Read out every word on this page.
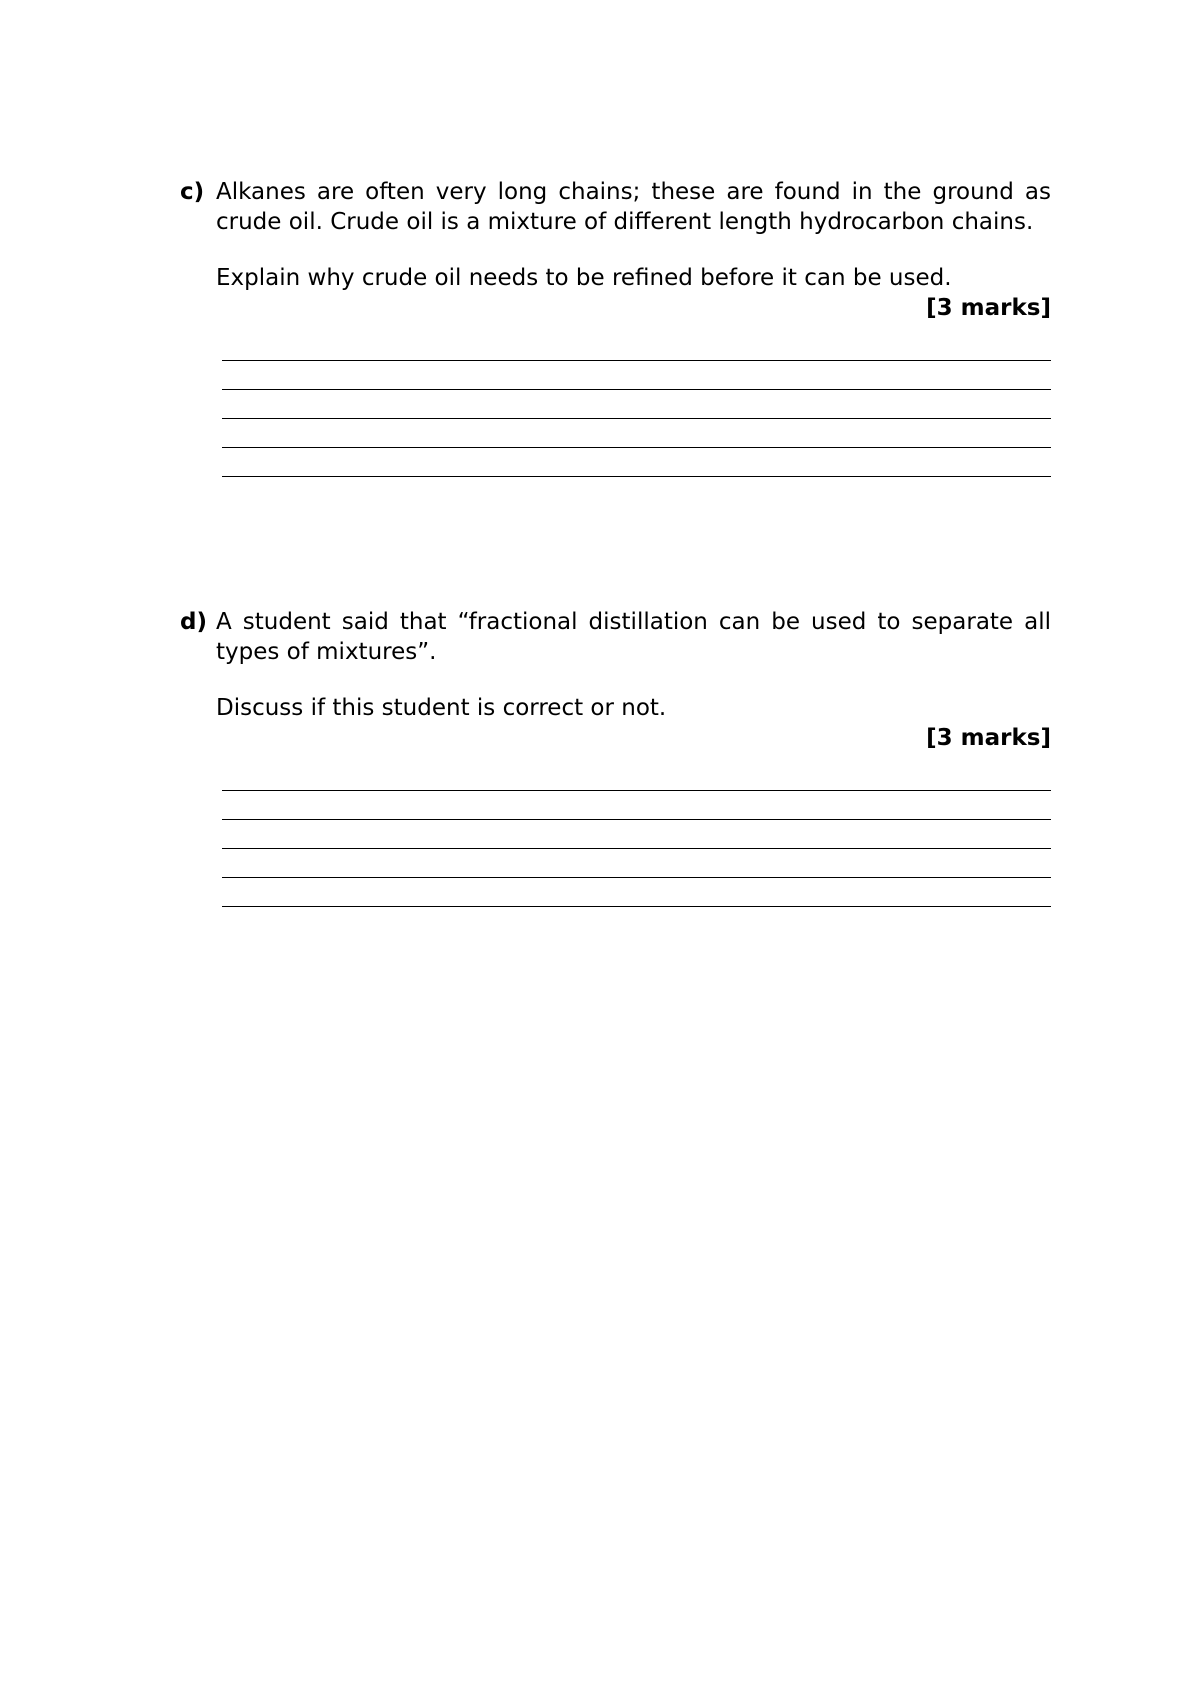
c) Alkanes are often very long chains; these are found in the ground as crude oil. Crude oil is a mixture of different length hydrocarbon chains.

Explain why crude oil needs to be refined before it can be used.

[3 marks]

d) A student said that “fractional distillation can be used to separate all types of mixtures”.

Discuss if this student is correct or not.

[3 marks]
